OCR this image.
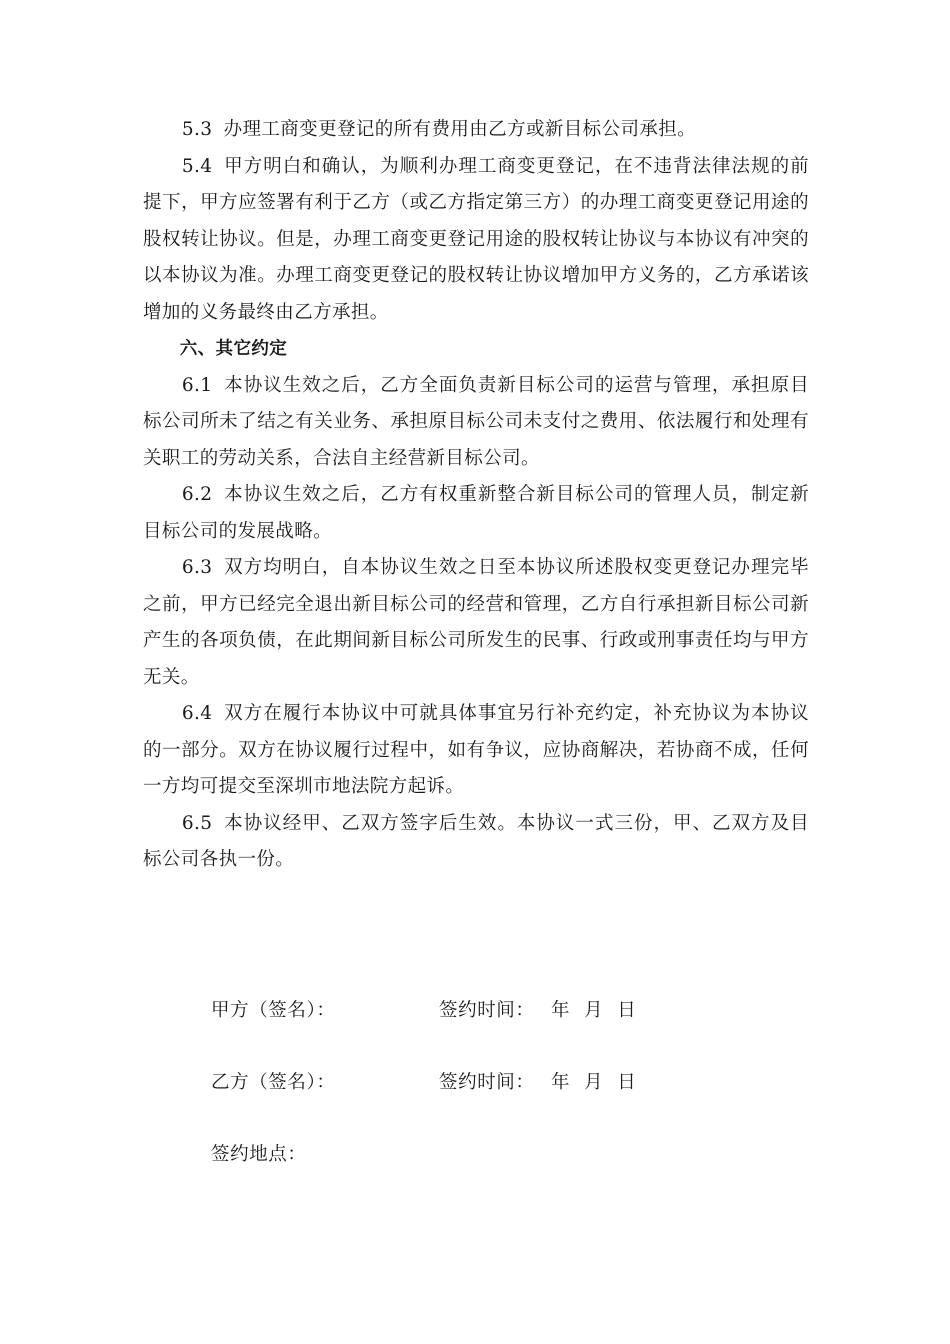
5.3 办理工商变更登记的所有费用由乙方或新目标公司承担。

5.4 甲方明白和确认，为顺利办理工商变更登记，在不违背法律法规的前提下，甲方应签署有利于乙方（或乙方指定第三方）的办理工商变更登记用途的股权转让协议。但是，办理工商变更登记用途的股权转让协议与本协议有冲突的以本协议为准。办理工商变更登记的股权转让协议增加甲方义务的，乙方承诺该增加的义务最终由乙方承担。

六、其它约定

6.1 本协议生效之后，乙方全面负责新目标公司的运营与管理，承担原目标公司所未了结之有关业务、承担原目标公司未支付之费用、依法履行和处理有关职工的劳动关系，合法自主经营新目标公司。

6.2 本协议生效之后，乙方有权重新整合新目标公司的管理人员，制定新目标公司的发展战略。

6.3 双方均明白，自本协议生效之日至本协议所述股权变更登记办理完毕之前，甲方已经完全退出新目标公司的经营和管理，乙方自行承担新目标公司新产生的各项负债，在此期间新目标公司所发生的民事、行政或刑事责任均与甲方无关。

6.4 双方在履行本协议中可就具体事宜另行补充约定，补充协议为本协议的一部分。双方在协议履行过程中，如有争议，应协商解决，若协商不成，任何一方均可提交至深圳市地法院方起诉。

6.5 本协议经甲、乙双方签字后生效。本协议一式三份，甲、乙双方及目标公司各执一份。

甲方（签名）：	签约时间： 年 月 日
乙方（签名）：	签约时间： 年 月 日
签约地点：
